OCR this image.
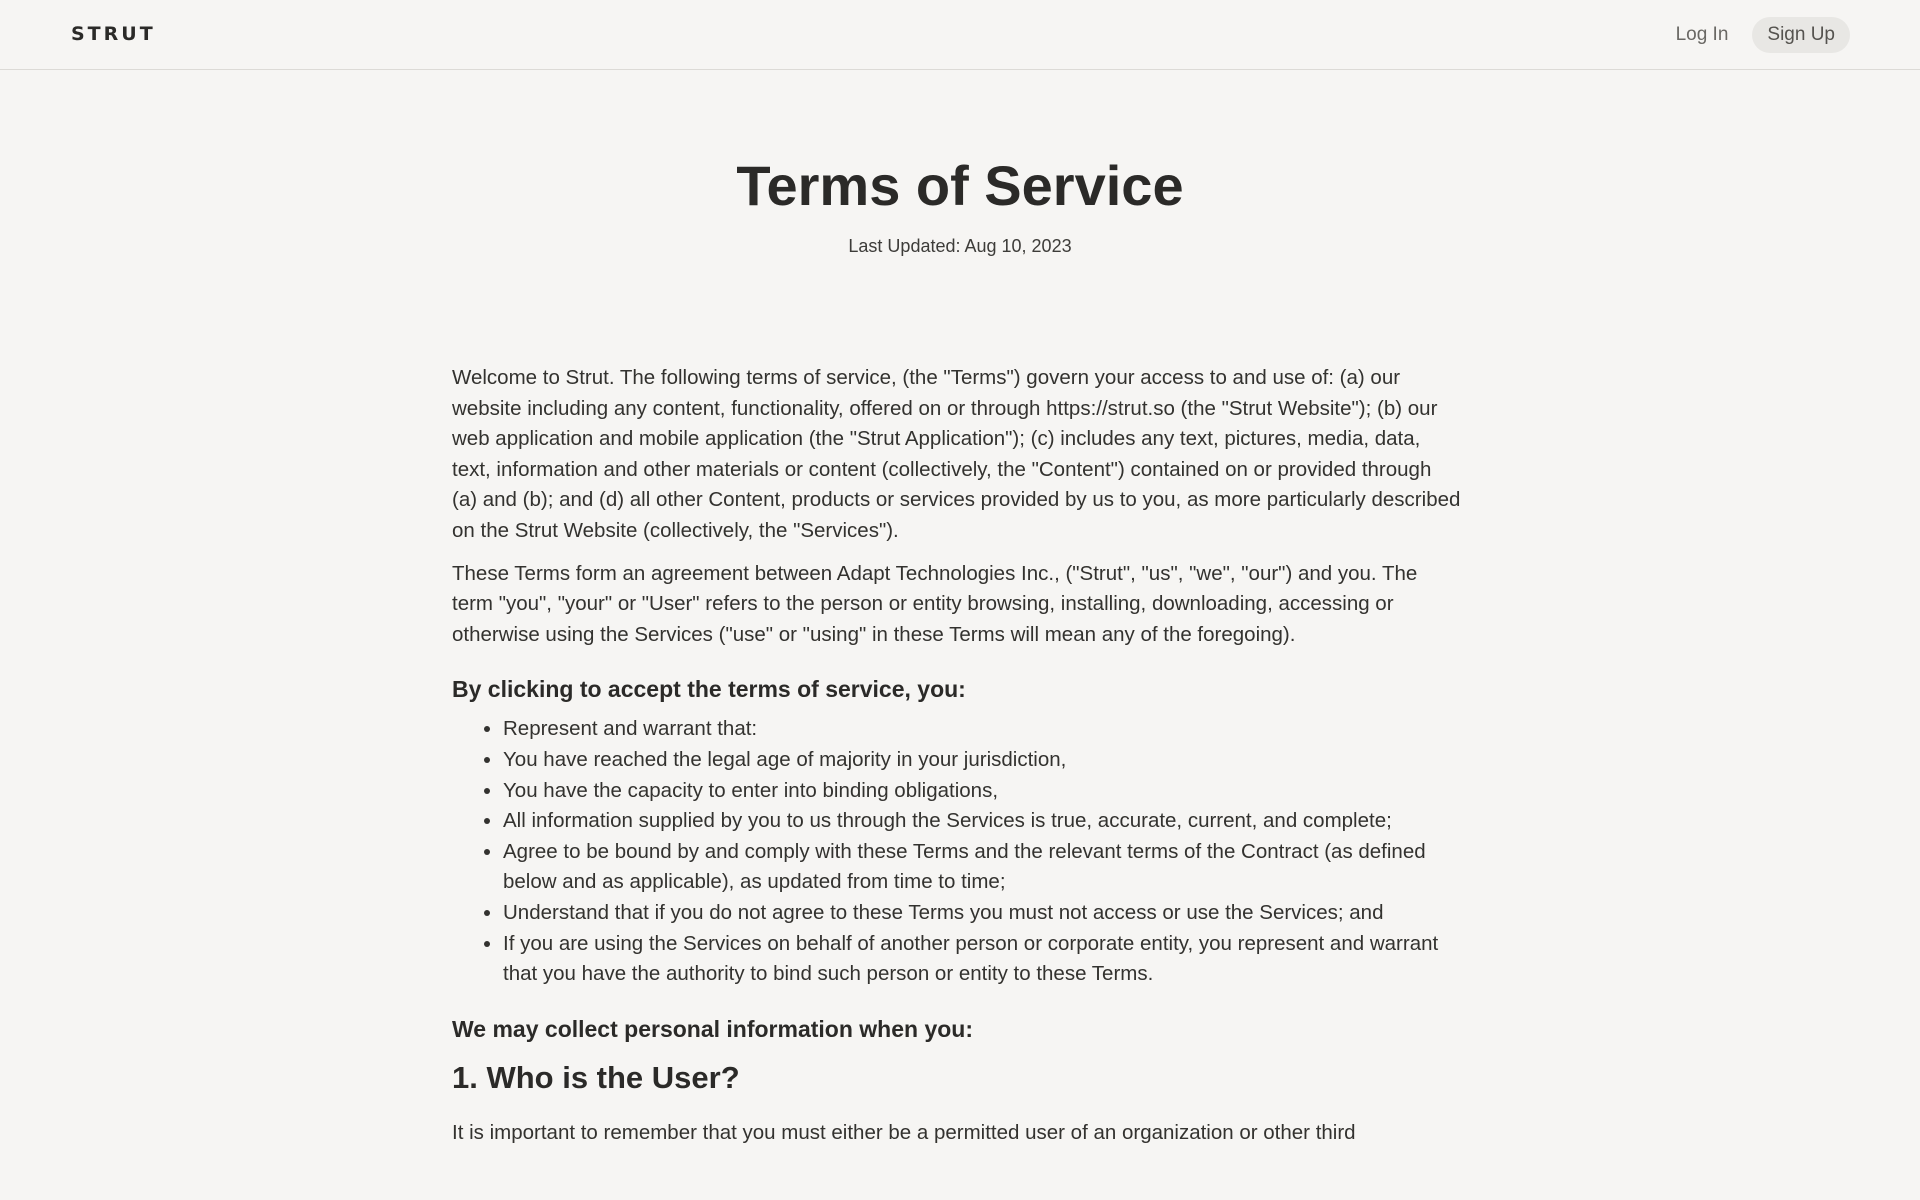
STRUT	Log In	Sign Up
Terms of Service
Last Updated: Aug 10, 2023

Welcome to Strut. The following terms of service, (the "Terms") govern your access to and use of: (a) our website including any content, functionality, offered on or through https://strut.so (the "Strut Website"); (b) our web application and mobile application (the "Strut Application"); (c) includes any text, pictures, media, data, text, information and other materials or content (collectively, the "Content") contained on or provided through (a) and (b); and (d) all other Content, products or services provided by us to you, as more particularly described on the Strut Website (collectively, the "Services").

These Terms form an agreement between Adapt Technologies Inc., ("Strut", "us", "we", "our") and you. The term "you", "your" or "User" refers to the person or entity browsing, installing, downloading, accessing or otherwise using the Services ("use" or "using" in these Terms will mean any of the foregoing).

By clicking to accept the terms of service, you:
• Represent and warrant that:
• You have reached the legal age of majority in your jurisdiction,
• You have the capacity to enter into binding obligations,
• All information supplied by you to us through the Services is true, accurate, current, and complete;
• Agree to be bound by and comply with these Terms and the relevant terms of the Contract (as defined below and as applicable), as updated from time to time;
• Understand that if you do not agree to these Terms you must not access or use the Services; and
• If you are using the Services on behalf of another person or corporate entity, you represent and warrant that you have the authority to bind such person or entity to these Terms.
We may collect personal information when you:
1. Who is the User?

It is important to remember that you must either be a permitted user of an organization or other third
